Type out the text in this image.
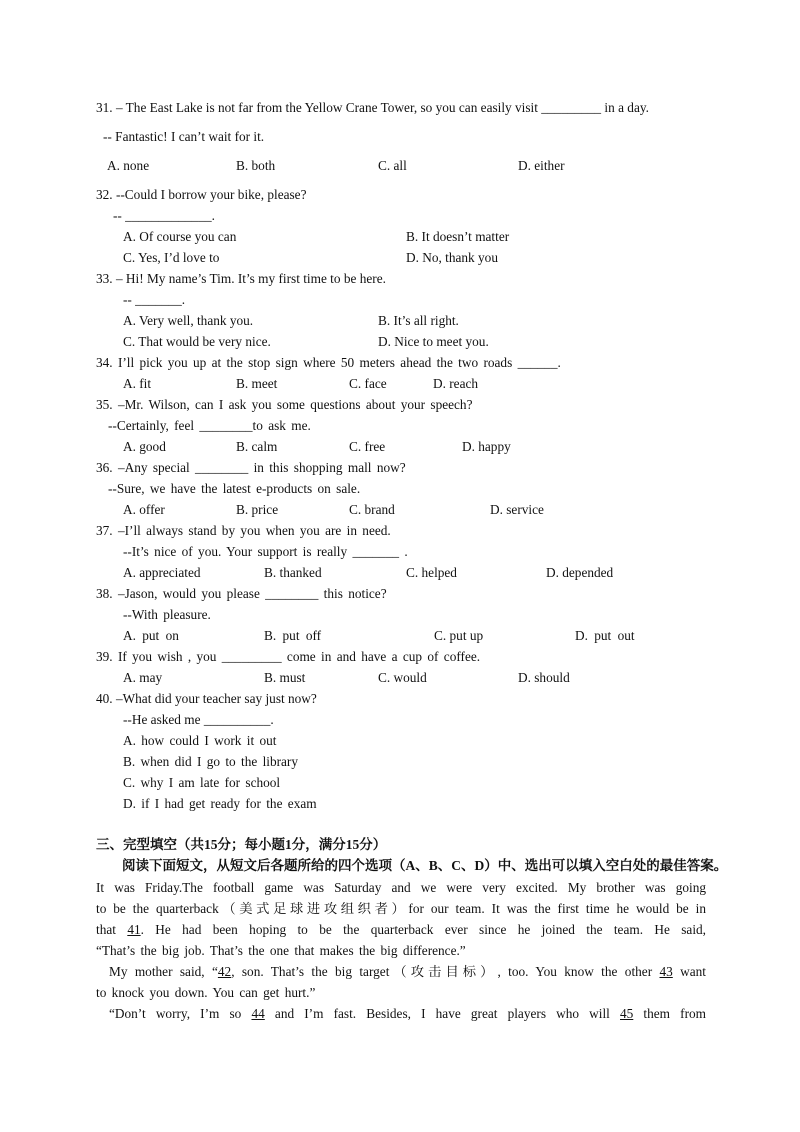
31. – The East Lake is not far from the Yellow Crane Tower, so you can easily visit _________ in a day.
-- Fantastic! I can’t wait for it.
A. none	B. both	C. all	D. either
32. --Could I borrow your bike, please?
-- _____________.
A. Of course you can	B. It doesn’t matter
C. Yes, I’d love to	D. No, thank you
33. – Hi! My name’s Tim. It’s my first time to be here.
-- _______.
A. Very well, thank you.	B. It’s all right.
C. That would be very nice.	D. Nice to meet you.
34. I’ll pick you up at the stop sign where 50 meters ahead the two roads ______.
A. fit	B. meet	C. face	D. reach
35. –Mr. Wilson, can I ask you some questions about your speech?
--Certainly, feel ________to ask me.
A. good	B. calm	C. free	D. happy
36. –Any special ________ in this shopping mall now?
--Sure, we have the latest e-products on sale.
A. offer	B. price	C. brand	D. service
37. –I’ll always stand by you when you are in need.
--It’s nice of you. Your support is really _______ .
A. appreciated	B. thanked	C. helped	D. depended
38. –Jason, would you please ________ this notice?
--With pleasure.
A. put on	B. put off	C. put up	D. put out
39. If you wish , you _________ come in and have a cup of coffee.
A. may	B. must	C. would	D. should
40. –What did your teacher say just now?
--He asked me __________.
A. how could I work it out
B. when did I go to the library
C. why I am late for school
D. if I had get ready for the exam
三、完型填空（共15分；每小题1分，满分15分）
阅读下面短文，从短文后各题所给的四个选项（A、B、C、D）中、选出可以填入空白处的最佳答案。
It was Friday.The football game was Saturday and we were very excited. My brother was going
to be the quarterback（美式足球进攻组织者）for our team. It was the first time he would be in
that 41. He had been hoping to be the quarterback ever since he joined the team. He said,
“That’s the big job. That’s the one that makes the big difference.”
My mother said, “42, son. That’s the big target（攻击目标）, too. You know the other 43 want
to knock you down. You can get hurt.”
“Don’t worry, I’m so 44 and I’m fast. Besides, I have great players who will 45 them from
